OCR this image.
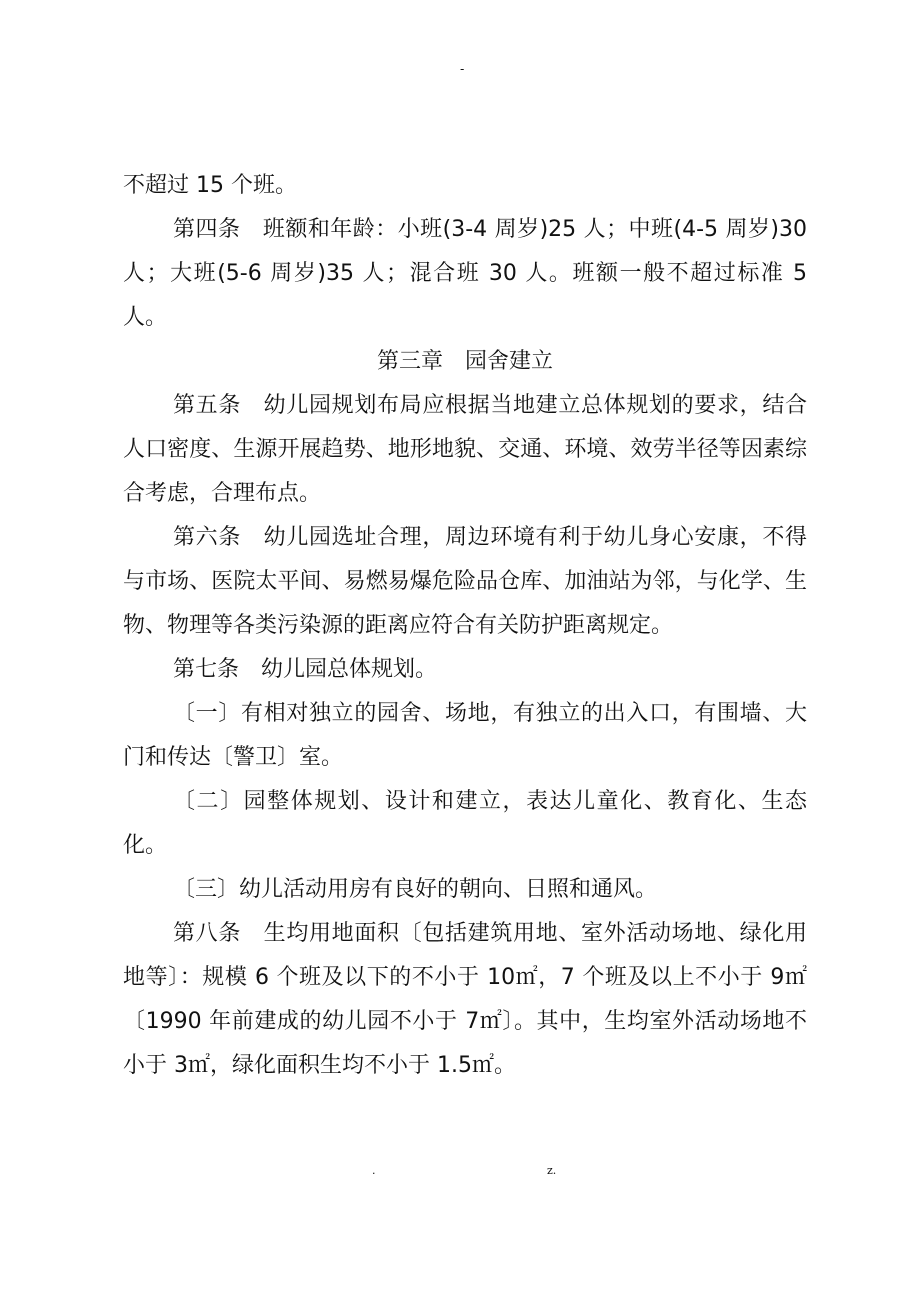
-

不超过 15 个班。

第四条　班额和年龄：小班(3-4 周岁)25 人；中班(4-5 周岁)30 人；大班(5-6 周岁)35 人；混合班 30 人。班额一般不超过标准 5 人。

第三章　园舍建立

第五条　幼儿园规划布局应根据当地建立总体规划的要求，结合人口密度、生源开展趋势、地形地貌、交通、环境、效劳半径等因素综合考虑，合理布点。

第六条　幼儿园选址合理，周边环境有利于幼儿身心安康，不得与市场、医院太平间、易燃易爆危险品仓库、加油站为邻，与化学、生物、物理等各类污染源的距离应符合有关防护距离规定。

第七条　幼儿园总体规划。

〔一〕有相对独立的园舍、场地，有独立的出入口，有围墙、大门和传达〔警卫〕室。

〔二〕园整体规划、设计和建立，表达儿童化、教育化、生态化。

〔三〕幼儿活动用房有良好的朝向、日照和通风。

第八条　生均用地面积〔包括建筑用地、室外活动场地、绿化用地等〕：规模 6 个班及以下的不小于 10㎡，7 个班及以上不小于 9㎡〔1990 年前建成的幼儿园不小于 7㎡〕。其中，生均室外活动场地不小于 3㎡，绿化面积生均不小于 1.5㎡。

.	z.
